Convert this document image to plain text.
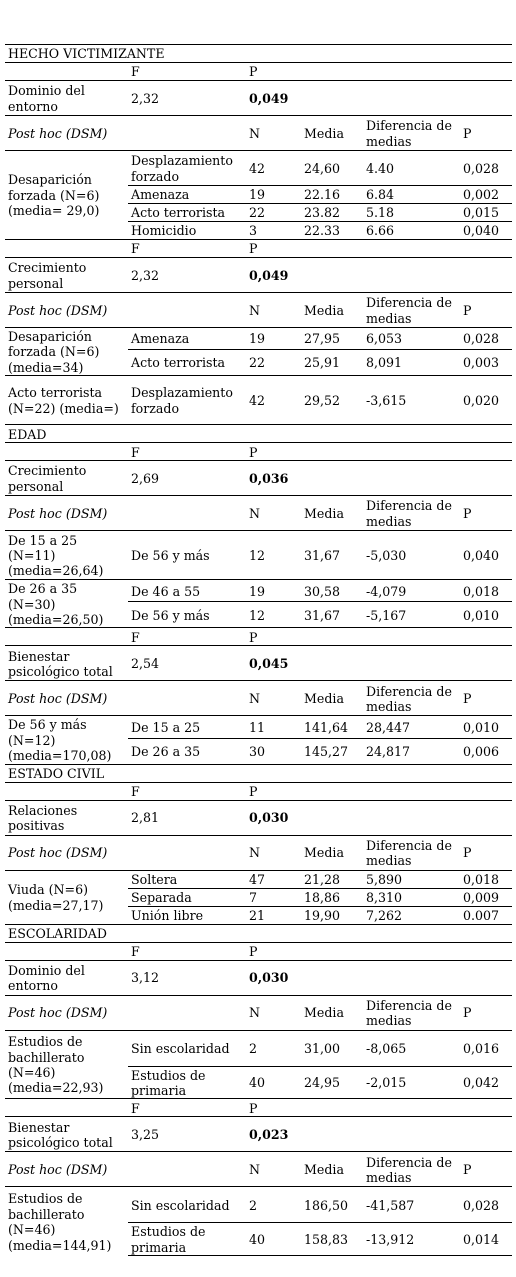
HECHO VICTIMIZANTE					
	F	P			
Dominio del entorno	2,32	0,049			
Post hoc (DSM)		N	Media	Diferencia de medias	P
Desaparición forzada (N=6) (media= 29,0)	Desplazamiento forzado	42	24,60	4.40	0,028
	Amenaza	19	22.16	6.84	0,002
	Acto terrorista	22	23.82	5.18	0,015
	Homicidio	3	22.33	6.66	0,040
	F	P			
Crecimiento personal	2,32	0,049			
Post hoc (DSM)		N	Media	Diferencia de medias	P
Desaparición forzada (N=6) (media=34)	Amenaza	19	27,95	6,053	0,028
	Acto terrorista	22	25,91	8,091	0,003
Acto terrorista (N=22) (media=)	Desplazamiento forzado	42	29,52	-3,615	0,020
EDAD					
	F	P			
Crecimiento personal	2,69	0,036			
Post hoc (DSM)		N	Media	Diferencia de medias	P
De 15 a 25 (N=11) (media=26,64)	De 56 y más	12	31,67	-5,030	0,040
De 26 a 35 (N=30) (media=26,50)	De 46 a 55	19	30,58	-4,079	0,018
	De 56 y más	12	31,67	-5,167	0,010
	F	P			
Bienestar psicológico total	2,54	0,045			
Post hoc (DSM)		N	Media	Diferencia de medias	P
De 56 y más (N=12) (media=170,08)	De 15 a 25	11	141,64	28,447	0,010
	De 26 a 35	30	145,27	24,817	0,006
ESTADO CIVIL					
	F	P			
Relaciones positivas	2,81	0,030			
Post hoc (DSM)		N	Media	Diferencia de medias	P
Viuda (N=6) (media=27,17)	Soltera	47	21,28	5,890	0,018
	Separada	7	18,86	8,310	0,009
	Unión libre	21	19,90	7,262	0.007
ESCOLARIDAD					
	F	P			
Dominio del entorno	3,12	0,030			
Post hoc (DSM)		N	Media	Diferencia de medias	P
Estudios de bachillerato (N=46) (media=22,93)	Sin escolaridad	2	31,00	-8,065	0,016
	Estudios de primaria	40	24,95	-2,015	0,042
	F	P			
Bienestar psicológico total	3,25	0,023			
Post hoc (DSM)		N	Media	Diferencia de medias	P
Estudios de bachillerato (N=46) (media=144,91)	Sin escolaridad	2	186,50	-41,587	0,028
	Estudios de primaria	40	158,83	-13,912	0,014
